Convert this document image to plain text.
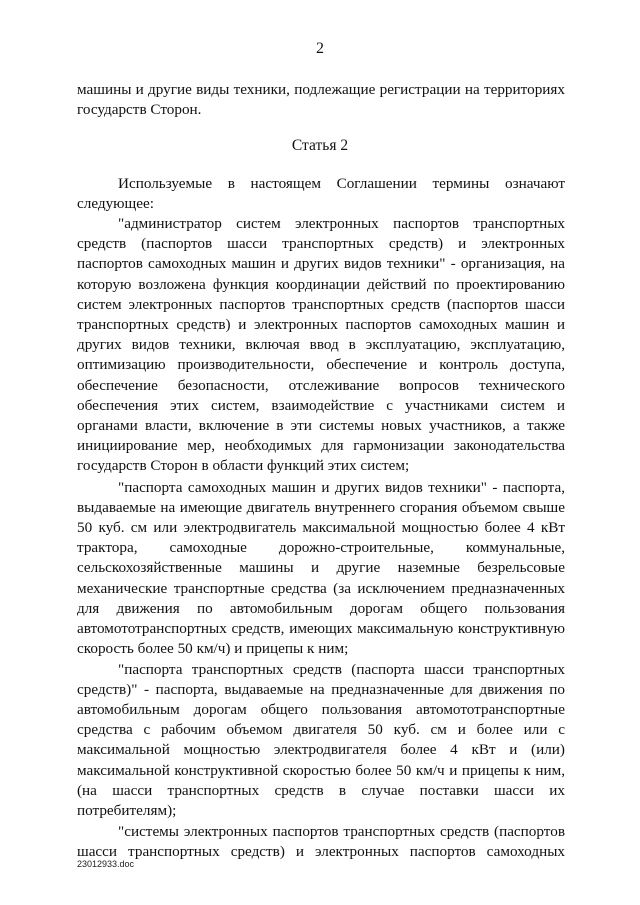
2
машины и другие виды техники, подлежащие регистрации на территориях
государств Сторон.
Статья 2
Используемые в настоящем Соглашении термины означают
следующее:
"администратор систем электронных паспортов транспортных
средств (паспортов шасси транспортных средств) и электронных
паспортов самоходных машин и других видов техники" - организация, на
которую возложена функция координации действий по проектированию
систем электронных паспортов транспортных средств (паспортов шасси
транспортных средств) и электронных паспортов самоходных машин и
других видов техники, включая ввод в эксплуатацию, эксплуатацию,
оптимизацию производительности, обеспечение и контроль доступа,
обеспечение безопасности, отслеживание вопросов технического
обеспечения этих систем, взаимодействие с участниками систем и
органами власти, включение в эти системы новых участников, а также
инициирование мер, необходимых для гармонизации законодательства
государств Сторон в области функций этих систем;
"паспорта самоходных машин и других видов техники" - паспорта,
выдаваемые на имеющие двигатель внутреннего сгорания объемом свыше
50 куб. см или электродвигатель максимальной мощностью более 4 кВт
трактора, самоходные дорожно-строительные, коммунальные,
сельскохозяйственные машины и другие наземные безрельсовые
механические транспортные средства (за исключением предназначенных
для движения по автомобильным дорогам общего пользования
автомототранспортных средств, имеющих максимальную конструктивную
скорость более 50 км/ч) и прицепы к ним;
"паспорта транспортных средств (паспорта шасси транспортных
средств)" - паспорта, выдаваемые на предназначенные для движения по
автомобильным дорогам общего пользования автомототранспортные
средства с рабочим объемом двигателя 50 куб. см и более или с
максимальной мощностью электродвигателя более 4 кВт и (или)
максимальной конструктивной скоростью более 50 км/ч и прицепы к ним,
(на шасси транспортных средств в случае поставки шасси их
потребителям);
"системы электронных паспортов транспортных средств (паспортов
шасси транспортных средств) и электронных паспортов самоходных
23012933.doc
